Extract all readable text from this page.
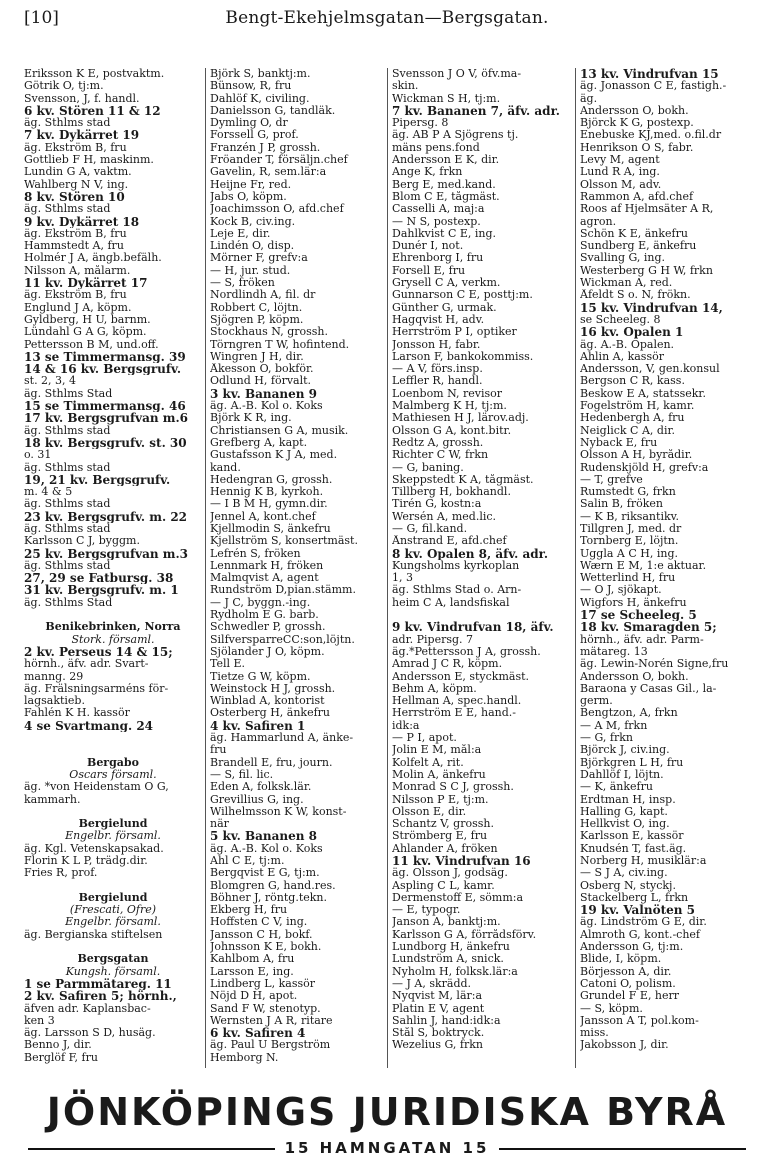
[10]	Bengt-Ekehjelmsgatan—Bergsgatan.
Eriksson K E, postvaktm.
Götrik O, tj:m.
Svensson, J, f. handl.
6 kv. Stören 11 & 12
äg. Sthlms stad
7 kv. Dykärret 19
äg. Ekström B, fru
Gottlieb F H, maskinm.
Lundin G A, vaktm.
Wahlberg N V, ing.
8 kv. Stören 10
äg. Sthlms stad
9 kv. Dykärret 18
äg. Ekström B, fru
Hammstedt A, fru
Holmér J A, ängb.befälh.
Nilsson A, målarm.
11 kv. Dykärret 17
äg. Ekström B, fru
Englund J A, köpm.
Gyldberg, H U, barnm.
Lündahl G A G, köpm.
Pettersson B M, und.off.
13 se Timmermansg. 39
14 & 16 kv. Bergsgrufv.
st. 2, 3, 4
äg. Sthlms Stad
15 se Timmermansg. 46
17 kv. Bergsgrufvan m.6
äg. Sthlms stad
18 kv. Bergsgrufv. st. 30
o. 31
äg. Sthlms stad
19, 21 kv. Bergsgrufv.
m. 4 & 5
äg. Sthlms stad
23 kv. Bergsgrufv. m. 22
äg. Sthlms stad
Karlsson C J, byggm.
25 kv. Bergsgrufvan m.3
äg. Sthlms stad
27, 29 se Fatbursg. 38
31 kv. Bergsgrufv. m. 1
äg. Sthlms Stad
Benikebrinken, Norra
Stork. församl.
2 kv. Perseus 14 & 15;
hörnh., äfv. adr. Svart-
manng. 29
äg. Frälsningsarméns för-
lagsaktieb.
Fahlén K H. kassör
4 se Svartmang. 24
Bergabo
Oscars församl.
äg. *von Heidenstam O G,
kammarh.
Bergielund
Engelbr. församl.
äg. Kgl. Vetenskapsakad.
Florin K L P, trädg.dir.
Fries R, prof.
Bergielund
(Frescati, Öfre)
Engelbr. församl.
äg. Bergianska stiftelsen
Bergsgatan
Kungsh. församl.
1 se Parmmätareg. 11
2 kv. Safiren 5; hörnh.,
äfven adr. Kaplansbac-
ken 3
äg. Larsson S D, husäg.
Benno J, dir.
Berglöf F, fru
Björk S, banktj:m.
Bünsow, R, fru
Dahlöf K, civiling.
Danielsson G, tandläk.
Dymling O, dr
Forssell G, prof.
Franzén J P, grossh.
Fröander T, försäljn.chef
Gavelin, R, sem.lär:a
Heijne Fr, red.
Jabs O, köpm.
Joachimsson O, afd.chef
Kock B, civ.ing.
Leje E, dir.
Lindén O, disp.
Mörner F, grefv:a
— H, jur. stud.
— S, fröken
Nordlindh A, fil. dr
Robbert C, löjtn.
Sjögren P, köpm.
Stockhaus N, grossh.
Törngren T W, hofintend.
Wingren J H, dir.
Åkesson O, bokför.
Ödlund H, förvalt.
3 kv. Bananen 9
äg. A.-B. Kol o. Koks
Björk K R, ing.
Christiansen G A, musik.
Grefberg A, kapt.
Gustafsson K J A, med.
kand.
Hedengran G, grossh.
Hennig K B, kyrkoh.
— I B M H, gymn.dir.
Jennel A, kont.chef
Kjellmodin S, änkefru
Kjellström S, konsertmäst.
Lefrén S, fröken
Lennmark H, fröken
Malmqvist A, agent
Rundström D,pian.stämm.
— J C, byggn.-ing.
Rydholm E G. barb.
Schwedler P, grossh.
SilfversparreCC:son,löjtn.
Sjölander J O, köpm.
Tell E.
Tietze G W, köpm.
Weinstock H J, grossh.
Winblad A, kontorist
Österberg H, änkefru
4 kv. Safiren 1
äg. Hammarlund A, änke-
fru
Brandell E, fru, journ.
— S, fil. lic.
Eden A, folksk.lär.
Grevillius G, ing.
Wilhelmsson K W, konst-
när
5 kv. Bananen 8
äg. A.-B. Kol o. Koks
Ahl C E, tj:m.
Bergqvist E G, tj:m.
Blomgren G, hand.res.
Böhner J, röntg.tekn.
Ekberg H, fru
Hoffsten C V, ing.
Jansson C H, bokf.
Johnsson K E, bokh.
Kahlbom A, fru
Larsson E, ing.
Lindberg L, kassör
Nöjd D H, apot.
Sand F W, stenotyp.
Wernsten J A R, ritare
6 kv. Safiren 4
äg. Paul U Bergström
Hemborg N.
Svensson J O V, öfv.ma-
skin.
Wickman S H, tj:m.
7 kv. Bananen 7, äfv. adr.
Pipersg. 8
äg. AB P A Sjögrens tj.
mäns pens.fond
Andersson E K, dir.
Ange K, frkn
Berg E, med.kand.
Blom C E, tågmäst.
Casselli A, maj:a
— N S, postexp.
Dahlkvist C E, ing.
Dunér I, not.
Ehrenborg I, fru
Forsell E, fru
Grysell C A, verkm.
Gunnarson C E, posttj:m.
Günther G, urmak.
Hagqvist H, adv.
Herrström P I, optiker
Jonsson H, fabr.
Larson F, bankokommiss.
— A V, förs.insp.
Leffler R, handl.
Loenbom N, revisor
Malmberg K H, tj:m.
Mathiesen H J, lärov.adj.
Olsson G A, kont.bitr.
Redtz A, grossh.
Richter C W, frkn
— G, baning.
Skeppstedt K A, tågmäst.
Tillberg H, bokhandl.
Tirén G, kostn:a
Wersén A, med.lic.
— G, fil.kand.
Ånstrand E, afd.chef
8 kv. Opalen 8, äfv. adr.
Kungsholms kyrkoplan
1, 3
äg. Sthlms Stad o. Arn-
heim C A, landsfiskal
9 kv. Vindrufvan 18, äfv.
adr. Pipersg. 7
äg.*Pettersson J A, grossh.
Amrad J C R, köpm.
Andersson E, styckmäst.
Behm A, köpm.
Hellman A, spec.handl.
Herrström E E, hand.-
idk:a
— P I, apot.
Jolin E M, mål:a
Kolfelt A, rit.
Molin A, änkefru
Monrad S C J, grossh.
Nilsson P E, tj:m.
Olsson E, dir.
Schantz V, grossh.
Strömberg E, fru
Ählander A, fröken
11 kv. Vindrufvan 16
äg. Olsson J, godsäg.
Aspling C L, kamr.
Dermenstoff E, sömm:a
— E, typogr.
Janson A, banktj:m.
Karlsson G A, förrådsförv.
Lundborg H, änkefru
Lundström A, snick.
Nyholm H, folksk.lär:a
— J A, skrädd.
Nyqvist M, lär:a
Platin E V, agent
Sahlin J, hand:idk:a
Stål S, boktryck.
Wezelius G, frkn
13 kv. Vindrufvan 15
äg. Jonasson C E, fastigh.-
äg.
Andersson O, bokh.
Björck K G, postexp.
Enebuske KJ,med. o.fil.dr
Henrikson O S, fabr.
Levy M, agent
Lund R A, ing.
Olsson M, adv.
Rammon A, afd.chef
Roos af Hjelmsäter A R,
agron.
Schön K E, änkefru
Sundberg E, änkefru
Svalling G, ing.
Westerberg G H W, frkn
Wickman A, red.
Åfeldt S o. N, frökn.
15 kv. Vindrufvan 14,
se Scheeleg. 8
16 kv. Opalen 1
äg. A.-B. Opalen.
Ahlin A, kassör
Andersson, V, gen.konsul
Bergson C R, kass.
Beskow E A, statssekr.
Fogelström H, kamr.
Hedenbergh A, fru
Neiglick C A, dir.
Nyback E, fru
Olsson A H, byrådir.
Rudenskjöld H, grefv:a
— T, grefve
Rumstedt G, frkn
Salin B, fröken
— K B, riksantikv.
Tillgren J, med. dr
Tornberg E, löjtn.
Uggla A C H, ing.
Wærn E M, 1:e aktuar.
Wetterlind H, fru
— O J, sjökapt.
Wigfors H, änkefru
17 se Scheeleg. 5
18 kv. Smaragden 5;
hörnh., äfv. adr. Parm-
mätareg. 13
äg. Lewin-Norén Signe,fru
Andersson O, bokh.
Baraona y Casas Gil., la-
germ.
Bengtzon, A, frkn
— A M, frkn
— G, frkn
Björck J, civ.ing.
Björkgren L H, fru
Dahllöf I, löjtn.
— K, änkefru
Erdtman H, insp.
Halling G, kapt.
Hellkvist O, ing.
Karlsson E, kassör
Knudsén T, fast.äg.
Norberg H, musiklär:a
— S J A, civ.ing.
Osberg N, styckj.
Stackelberg L, frkn
19 kv. Valnöten 5
äg. Lindström G E, dir.
Almroth G, kont.-chef
Andersson G, tj:m.
Blide, I, köpm.
Börjesson A, dir.
Catoni O, polism.
Grundel F E, herr
— S, köpm.
Jansson A T, pol.kom-
miss.
Jakobsson J, dir.
JÖNKÖPINGS JURIDISKA BYRÅ
15 HAMNGATAN 15
